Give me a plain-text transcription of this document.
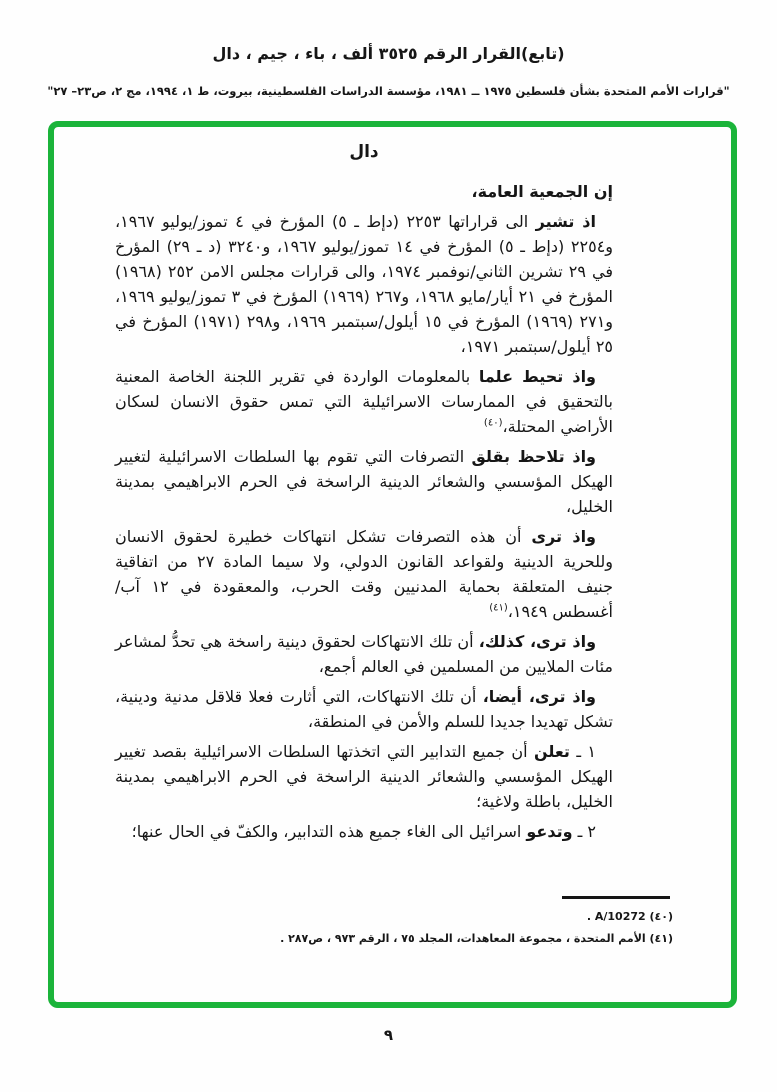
(تابع)القرار الرقم ٣٥٢٥ ألف ، باء ، جيم ، دال
"قرارات الأمم المتحدة بشأن فلسطين ١٩٧٥ ــ ١٩٨١، مؤسسة الدراسات الفلسطينية، بيروت، ط ١، ١٩٩٤، مج ٢، ص٢٣– ٢٧"
دال

إن الجمعية العامة،

اذ تشير الى قراراتها ٢٢٥٣ (دإط ـ ٥) المؤرخ في ٤ تموز/يوليو ١٩٦٧، و٢٢٥٤ (دإط ـ ٥) المؤرخ في ١٤ تموز/يوليو ١٩٦٧، و٣٢٤٠ (د ـ ٢٩) المؤرخ في ٢٩ تشرين الثاني/نوفمبر ١٩٧٤، والى قرارات مجلس الامن ٢٥٢ (١٩٦٨) المؤرخ في ٢١ أيار/مايو ١٩٦٨، و٢٦٧ (١٩٦٩) المؤرخ في ٣ تموز/يوليو ١٩٦٩، و٢٧١ (١٩٦٩) المؤرخ في ١٥ أيلول/سبتمبر ١٩٦٩، و٢٩٨ (١٩٧١) المؤرخ في ٢٥ أيلول/سبتمبر ١٩٧١،

واذ تحيط علما بالمعلومات الواردة في تقرير اللجنة الخاصة المعنية بالتحقيق في الممارسات الاسرائيلية التي تمس حقوق الانسان لسكان الأراضي المحتلة،$^{(٤٠)}$

واذ تلاحظ بقلق التصرفات التي تقوم بها السلطات الاسرائيلية لتغيير الهيكل المؤسسي والشعائر الدينية الراسخة في الحرم الابراهيمي بمدينة الخليل،

واذ ترى أن هذه التصرفات تشكل انتهاكات خطيرة لحقوق الانسان وللحرية الدينية ولقواعد القانون الدولي، ولا سيما المادة ٢٧ من اتفاقية جنيف المتعلقة بحماية المدنيين وقت الحرب، والمعقودة في ١٢ آب/أغسطس ١٩٤٩،$^{(٤١)}$

واذ ترى، كذلك، أن تلك الانتهاكات لحقوق دينية راسخة هي تحدُّ لمشاعر مئات الملايين من المسلمين في العالم أجمع،

واذ ترى، أيضا، أن تلك الانتهاكات، التي أثارت فعلا قلاقل مدنية ودينية، تشكل تهديدا جديدا للسلم والأمن في المنطقة،

١ ـ تعلن أن جميع التدابير التي اتخذتها السلطات الاسرائيلية بقصد تغيير الهيكل المؤسسي والشعائر الدينية الراسخة في الحرم الابراهيمي بمدينة الخليل، باطلة ولاغية؛

٢ ـ وتدعو اسرائيل الى الغاء جميع هذه التدابير، والكفّ في الحال عنها؛

(٤٠) A/10272 .
(٤١) الأمم المتحدة ، مجموعة المعاهدات، المجلد ٧٥ ، الرقم ٩٧٣ ، ص٢٨٧ .
٩
